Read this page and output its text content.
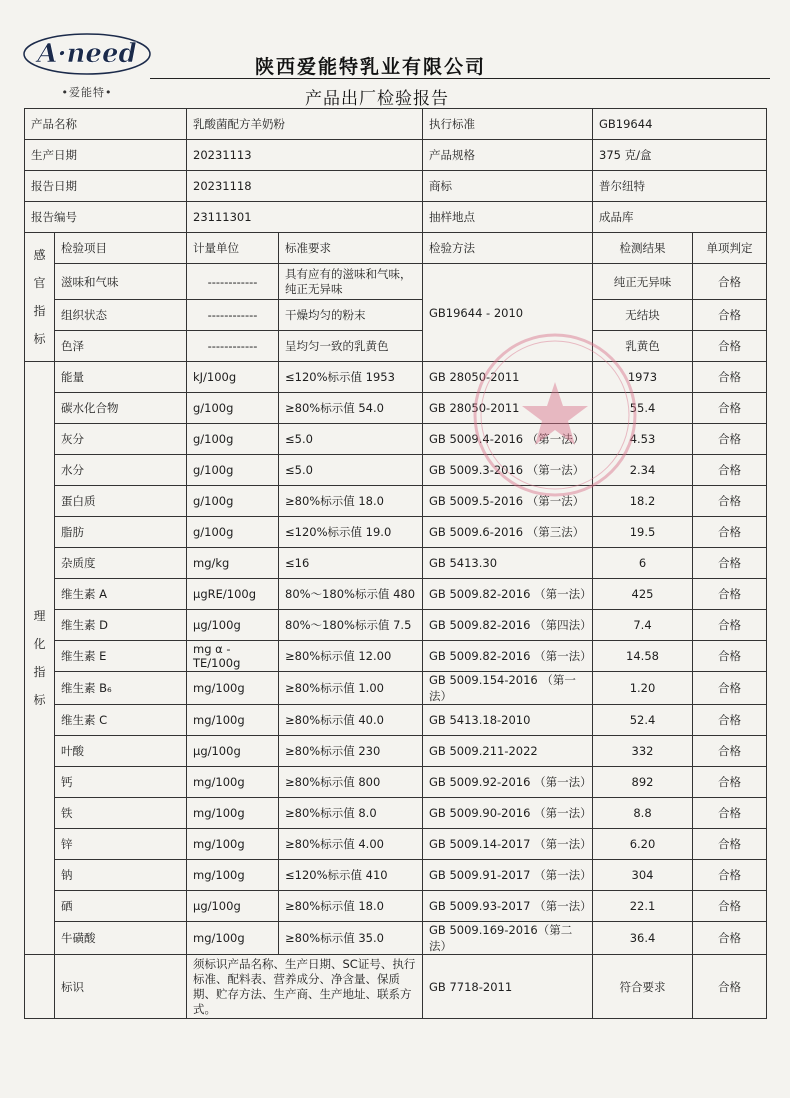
A·need
•爱能特•
陕西爱能特乳业有限公司
产品出厂检验报告
产品名称		乳酸菌配方羊奶粉		执行标准	GB19644	
生产日期		20231113		产品规格	375 克/盒	
报告日期		20231118		商标	普尔纽特	
报告编号		23111301		抽样地点	成品库	

感
官
指
标	检验项目	计量单位	标准要求	检验方法	检测结果	单项判定
	滋味和气味	------------	具有应有的滋味和气味，纯正无异味	GB19644 - 2010	纯正无异味	合格
	组织状态	------------	干燥均匀的粉末		无结块	合格
	色泽	------------	呈均匀一致的乳黄色		乳黄色	合格

理
化
指
标	能量	kJ/100g	≤120%标示值 1953	GB 28050-2011	1973	合格
	碳水化合物	g/100g	≥80%标示值 54.0	GB 28050-2011	55.4	合格
	灰分	g/100g	≤5.0	GB 5009.4-2016 （第一法）	4.53	合格
	水分	g/100g	≤5.0	GB 5009.3-2016 （第一法）	2.34	合格
	蛋白质	g/100g	≥80%标示值 18.0	GB 5009.5-2016 （第一法）	18.2	合格
	脂肪	g/100g	≤120%标示值 19.0	GB 5009.6-2016 （第三法）	19.5	合格
	杂质度	mg/kg	≤16	GB 5413.30	6	合格
	维生素 A	μgRE/100g	80%～180%标示值 480	GB 5009.82-2016 （第一法）	425	合格
	维生素 D	μg/100g	80%～180%标示值 7.5	GB 5009.82-2016 （第四法）	7.4	合格
	维生素 E	mg α -TE/100g	≥80%标示值 12.00	GB 5009.82-2016 （第一法）	14.58	合格
	维生素 B₆	mg/100g	≥80%标示值 1.00	GB 5009.154-2016 （第一法）	1.20	合格
	维生素 C	mg/100g	≥80%标示值 40.0	GB 5413.18-2010	52.4	合格
	叶酸	μg/100g	≥80%标示值 230	GB 5009.211-2022	332	合格
	钙	mg/100g	≥80%标示值 800	GB 5009.92-2016 （第一法）	892	合格
	铁	mg/100g	≥80%标示值 8.0	GB 5009.90-2016 （第一法）	8.8	合格
	锌	mg/100g	≥80%标示值 4.00	GB 5009.14-2017 （第一法）	6.20	合格
	钠	mg/100g	≤120%标示值 410	GB 5009.91-2017 （第一法）	304	合格
	硒	μg/100g	≥80%标示值 18.0	GB 5009.93-2017 （第一法）	22.1	合格
	牛磺酸	mg/100g	≥80%标示值 35.0	GB 5009.169-2016（第二法）	36.4	合格
	标识	须标识产品名称、生产日期、SC证号、执行标准、配料表、营养成分、净含量、保质期、贮存方法、生产商、生产地址、联系方式。		GB 7718-2011	符合要求	合格
